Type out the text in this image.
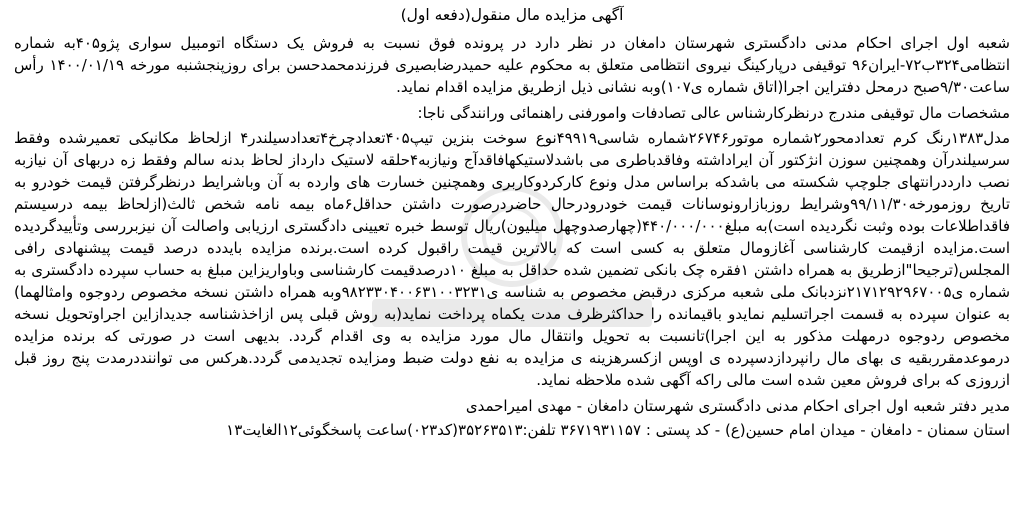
آگهی مزایده مال منقول(دفعه اول)

شعبه اول اجرای احکام مدنی دادگستری شهرستان دامغان در نظر دارد در پرونده فوق نسبت به فروش یک دستگاه اتومبیل سواری پژو۴۰۵به شماره انتظامی۳۲۴ب۷۲-ایران۹۶ توقیفی درپارکینگ نیروی انتظامی متعلق به محکوم علیه حمیدرضابصیری فرزندمحمدحسن برای روزپنجشنبه مورخه ۱۴۰۰/۰۱/۱۹ رأس ساعت۹/۳۰صبح درمحل دفتراین اجرا(اتاق شماره ی۱۰۷)وبه نشانی ذیل ازطریق مزایده اقدام نماید.

مشخصات مال توقیفی مندرج درنظرکارشناس عالی تصادفات وامورفنی راهنمائی ورانندگی ناجا:

مدل۱۳۸۳رنگ کرم تعدادمحور۲شماره موتور۲۶۷۴۶شماره شاسی۴۹۹۱۹نوع سوخت بنزین تیپ۴۰۵تعدادچرخ۴تعدادسیلندر۴ ازلحاظ مکانیکی تعمیرشده وفقط سرسیلندرآن وهمچنین سوزن انژکتور آن ایراداشته وفاقدباطری می باشدلاستیکهافاقدآج ونیازبه۴حلقه لاستیک دارداز لحاظ بدنه سالم وفقط زه دربهای آن نیازبه نصب دارددرانتهای جلوچپ شکسته می باشدکه براساس مدل ونوع کارکردوکاربری وهمچنین خسارت های وارده به آن وباشرایط درنظرگرفتن قیمت خودرو به تاریخ روزمورخه۹۹/۱۱/۳۰وشرایط روزبازارونوسانات قیمت خودرودرحال حاضردرصورت داشتن حداقل۶ماه بیمه نامه شخص ثالث(ازلحاظ بیمه درسیستم فاقداطلاعات بوده وثبت نگردیده است)به مبلغ۴۴۰/۰۰۰/۰۰۰(چهارصدوچهل میلیون)ریال توسط خبره تعیینی دادگستری ارزیابی واصالت آن نیزبررسی وتأییدگردیده است.مزایده ازقیمت کارشناسی آغازومال متعلق به کسی است که بالاترین قیمت راقبول کرده است.برنده مزایده بایدده درصد قیمت پیشنهادی رافی المجلس(ترجیحا"ازطریق به همراه داشتن ۱فقره چک بانکی تضمین شده حداقل به مبلغ ۱۰درصدقیمت کارشناسی وباواریزاین مبلغ به حساب سپرده دادگستری به شماره ی۲۱۷۱۲۹۲۹۶۷۰۰۵نزدبانک ملی شعبه مرکزی درقبض مخصوص به شناسه ی۹۸۲۳۳۰۴۰۰۶۳۱۰۰۳۲۳۱وبه همراه داشتن نسخه مخصوص ردوجوه وامثالهما) به عنوان سپرده به قسمت اجراتسلیم نمایدو باقیمانده را حداکثرظرف مدت یکماه پرداخت نماید(به روش قبلی پس ازاخذشناسه جدیدازاین اجراوتحویل نسخه مخصوص ردوجوه درمهلت مذکور به این اجرا)تانسبت به تحویل وانتقال مال مورد مزایده به وی اقدام گردد. بدیهی است در صورتی که برنده مزایده درموعدمقرربقیه ی بهای مال رانپردازدسپرده ی اوپس ازکسرهزینه ی مزایده به نفع دولت ضبط ومزایده تجدیدمی گردد.هرکس می تواننددرمدت پنج روز قبل ازروزی که برای فروش معین شده است مالی راکه آگهی شده ملاحظه نماید.

مدیر دفتر شعبه اول اجرای احکام مدنی دادگستری شهرستان دامغان - مهدی امیراحمدی

استان سمنان - دامغان - میدان امام حسین(ع) - کد پستی : ۳۶۷۱۹۳۱۱۵۷ تلفن:۳۵۲۶۳۵۱۳(کد۰۲۳)ساعت پاسخگوئی۱۲الغایت۱۳
